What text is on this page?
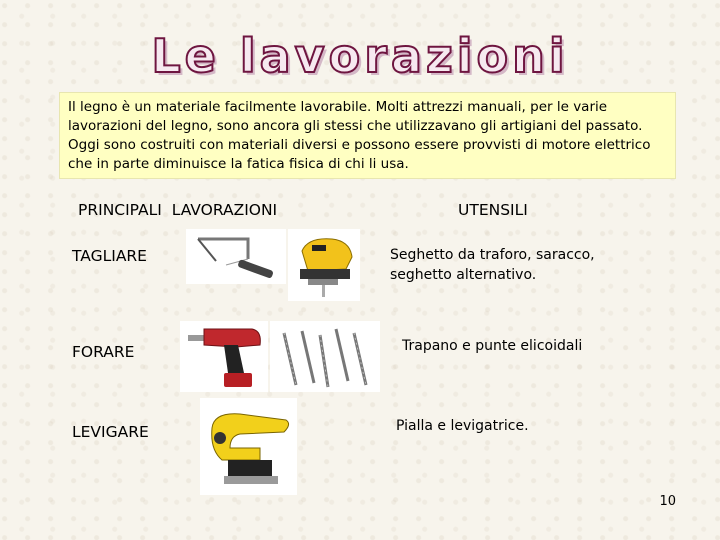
Le lavorazioni
Il legno è un materiale facilmente lavorabile. Molti attrezzi manuali, per le varie lavorazioni del legno, sono ancora gli stessi che utilizzavano gli artigiani del passato. Oggi sono costruiti con materiali diversi e possono essere provvisti di motore elettrico che in parte diminuisce la fatica fisica di chi li usa.
PRINCIPALI  LAVORAZIONI	UTENSILI
TAGLIARE	Seghetto da traforo, saracco, seghetto alternativo.
FORARE	Trapano e punte elicoidali
LEVIGARE	Pialla e levigatrice.
10
